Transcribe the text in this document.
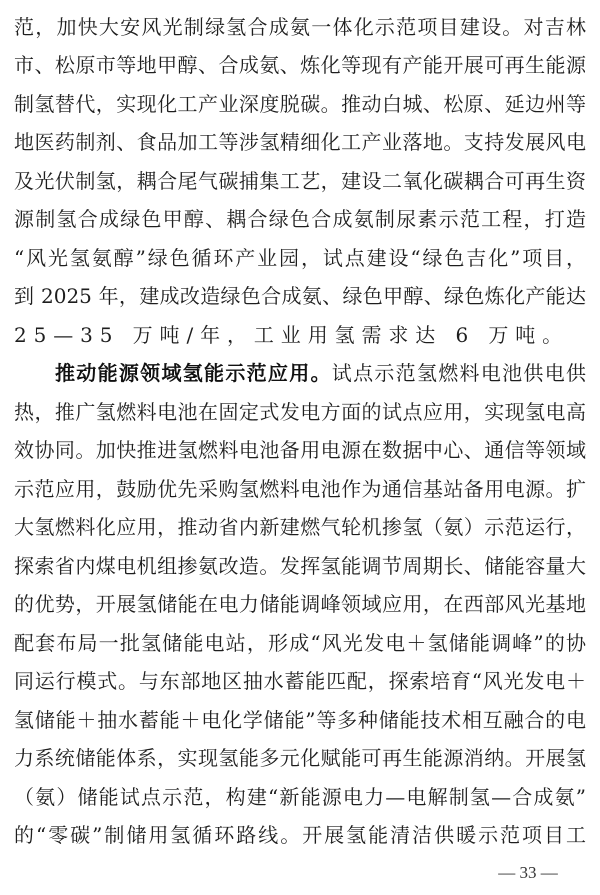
范，加快大安风光制绿氢合成氨一体化示范项目建设。对吉林
市、松原市等地甲醇、合成氨、炼化等现有产能开展可再生能源
制氢替代，实现化工产业深度脱碳。推动白城、松原、延边州等
地医药制剂、食品加工等涉氢精细化工产业落地。支持发展风电
及光伏制氢，耦合尾气碳捕集工艺，建设二氧化碳耦合可再生资
源制氢合成绿色甲醇、耦合绿色合成氨制尿素示范工程，打造
“风光氢氨醇”绿色循环产业园，试点建设“绿色吉化”项目，
到 2025 年，建成改造绿色合成氨、绿色甲醇、绿色炼化产能达
25—35 万吨/年，工业用氢需求达 6 万吨。
推动能源领域氢能示范应用。试点示范氢燃料电池供电供
热，推广氢燃料电池在固定式发电方面的试点应用，实现氢电高
效协同。加快推进氢燃料电池备用电源在数据中心、通信等领域
示范应用，鼓励优先采购氢燃料电池作为通信基站备用电源。扩
大氢燃料化应用，推动省内新建燃气轮机掺氢（氨）示范运行，
探索省内煤电机组掺氨改造。发挥氢能调节周期长、储能容量大
的优势，开展氢储能在电力储能调峰领域应用，在西部风光基地
配套布局一批氢储能电站，形成“风光发电＋氢储能调峰”的协
同运行模式。与东部地区抽水蓄能匹配，探索培育“风光发电＋
氢储能＋抽水蓄能＋电化学储能”等多种储能技术相互融合的电
力系统储能体系，实现氢能多元化赋能可再生能源消纳。开展氢
（氨）储能试点示范，构建“新能源电力—电解制氢—合成氨”
的“零碳”制储用氢循环路线。开展氢能清洁供暖示范项目工
— 33 —
